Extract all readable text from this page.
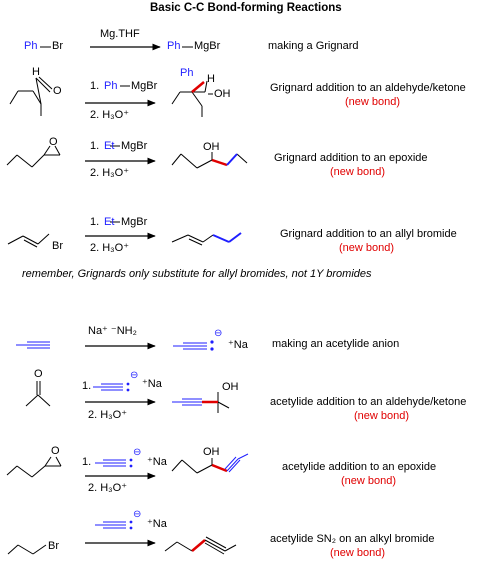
Basic C-C Bond-forming Reactions
Ph Br
Mg.THF
Ph MgBr	making a Grignard
H
O	1. Ph MgBr
2. H₃O⁺
Ph H
OH	Grignard addition to an aldehyde/ketone
(new bond)
O	1. Et MgBr
2. H₃O⁺
OH
Grignard addition to an epoxide
(new bond)
Br
1. Et MgBr
2. H₃O⁺
Grignard addition to an allyl bromide
(new bond)
remember, Grignards only substitute for allyl bromides, not 1Y bromides
Na⁺ ⁻NH₂	⊖
⁺Na making an acetylide anion
O
1.
⊖
⁺Na
2. H₃O⁺
OH
acetylide addition to an aldehyde/ketone
(new bond)
O
1.
⊖
⁺Na
2. H₃O⁺
OH
acetylide addition to an epoxide
(new bond)
Br
⊖
⁺Na
acetylide SN₂ on an alkyl bromide
(new bond)
